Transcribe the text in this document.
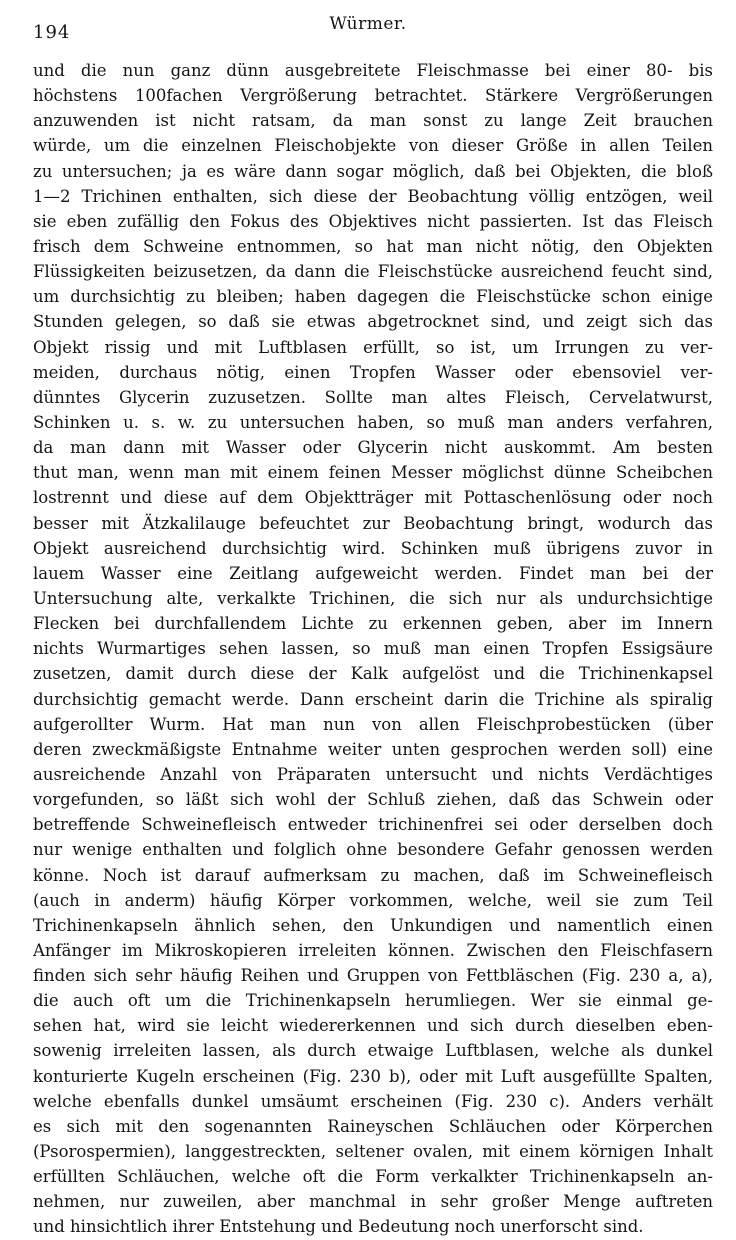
194	Würmer.
und die nun ganz dünn ausgebreitete Fleischmasse bei einer 80- bis
höchstens 100fachen Vergrößerung betrachtet. Stärkere Vergrößerungen
anzuwenden ist nicht ratsam, da man sonst zu lange Zeit brauchen
würde, um die einzelnen Fleischobjekte von dieser Größe in allen Teilen
zu untersuchen; ja es wäre dann sogar möglich, daß bei Objekten, die bloß
1—2 Trichinen enthalten, sich diese der Beobachtung völlig entzögen, weil
sie eben zufällig den Fokus des Objektives nicht passierten. Ist das Fleisch
frisch dem Schweine entnommen, so hat man nicht nötig, den Objekten
Flüssigkeiten beizusetzen, da dann die Fleischstücke ausreichend feucht sind,
um durchsichtig zu bleiben; haben dagegen die Fleischstücke schon einige
Stunden gelegen, so daß sie etwas abgetrocknet sind, und zeigt sich das
Objekt rissig und mit Luftblasen erfüllt, so ist, um Irrungen zu ver-
meiden, durchaus nötig, einen Tropfen Wasser oder ebensoviel ver-
dünntes Glycerin zuzusetzen. Sollte man altes Fleisch, Cervelatwurst,
Schinken u. s. w. zu untersuchen haben, so muß man anders verfahren,
da man dann mit Wasser oder Glycerin nicht auskommt. Am besten
thut man, wenn man mit einem feinen Messer möglichst dünne Scheibchen
lostrennt und diese auf dem Objektträger mit Pottaschenlösung oder noch
besser mit Ätzkalilauge befeuchtet zur Beobachtung bringt, wodurch das
Objekt ausreichend durchsichtig wird. Schinken muß übrigens zuvor in
lauem Wasser eine Zeitlang aufgeweicht werden. Findet man bei der
Untersuchung alte, verkalkte Trichinen, die sich nur als undurchsichtige
Flecken bei durchfallendem Lichte zu erkennen geben, aber im Innern
nichts Wurmartiges sehen lassen, so muß man einen Tropfen Essigsäure
zusetzen, damit durch diese der Kalk aufgelöst und die Trichinenkapsel
durchsichtig gemacht werde. Dann erscheint darin die Trichine als spiralig
aufgerollter Wurm. Hat man nun von allen Fleischprobestücken (über
deren zweckmäßigste Entnahme weiter unten gesprochen werden soll) eine
ausreichende Anzahl von Präparaten untersucht und nichts Verdächtiges
vorgefunden, so läßt sich wohl der Schluß ziehen, daß das Schwein oder
betreffende Schweinefleisch entweder trichinenfrei sei oder derselben doch
nur wenige enthalten und folglich ohne besondere Gefahr genossen werden
könne. Noch ist darauf aufmerksam zu machen, daß im Schweinefleisch
(auch in anderm) häufig Körper vorkommen, welche, weil sie zum Teil
Trichinenkapseln ähnlich sehen, den Unkundigen und namentlich einen
Anfänger im Mikroskopieren irreleiten können. Zwischen den Fleischfasern
finden sich sehr häufig Reihen und Gruppen von Fettbläschen (Fig. 230 a, a),
die auch oft um die Trichinenkapseln herumliegen. Wer sie einmal ge-
sehen hat, wird sie leicht wiedererkennen und sich durch dieselben eben-
sowenig irreleiten lassen, als durch etwaige Luftblasen, welche als dunkel
konturierte Kugeln erscheinen (Fig. 230 b), oder mit Luft ausgefüllte Spalten,
welche ebenfalls dunkel umsäumt erscheinen (Fig. 230 c). Anders verhält
es sich mit den sogenannten Raineyschen Schläuchen oder Körperchen
(Psorospermien), langgestreckten, seltener ovalen, mit einem körnigen Inhalt
erfüllten Schläuchen, welche oft die Form verkalkter Trichinenkapseln an-
nehmen, nur zuweilen, aber manchmal in sehr großer Menge auftreten
und hinsichtlich ihrer Entstehung und Bedeutung noch unerforscht sind.
